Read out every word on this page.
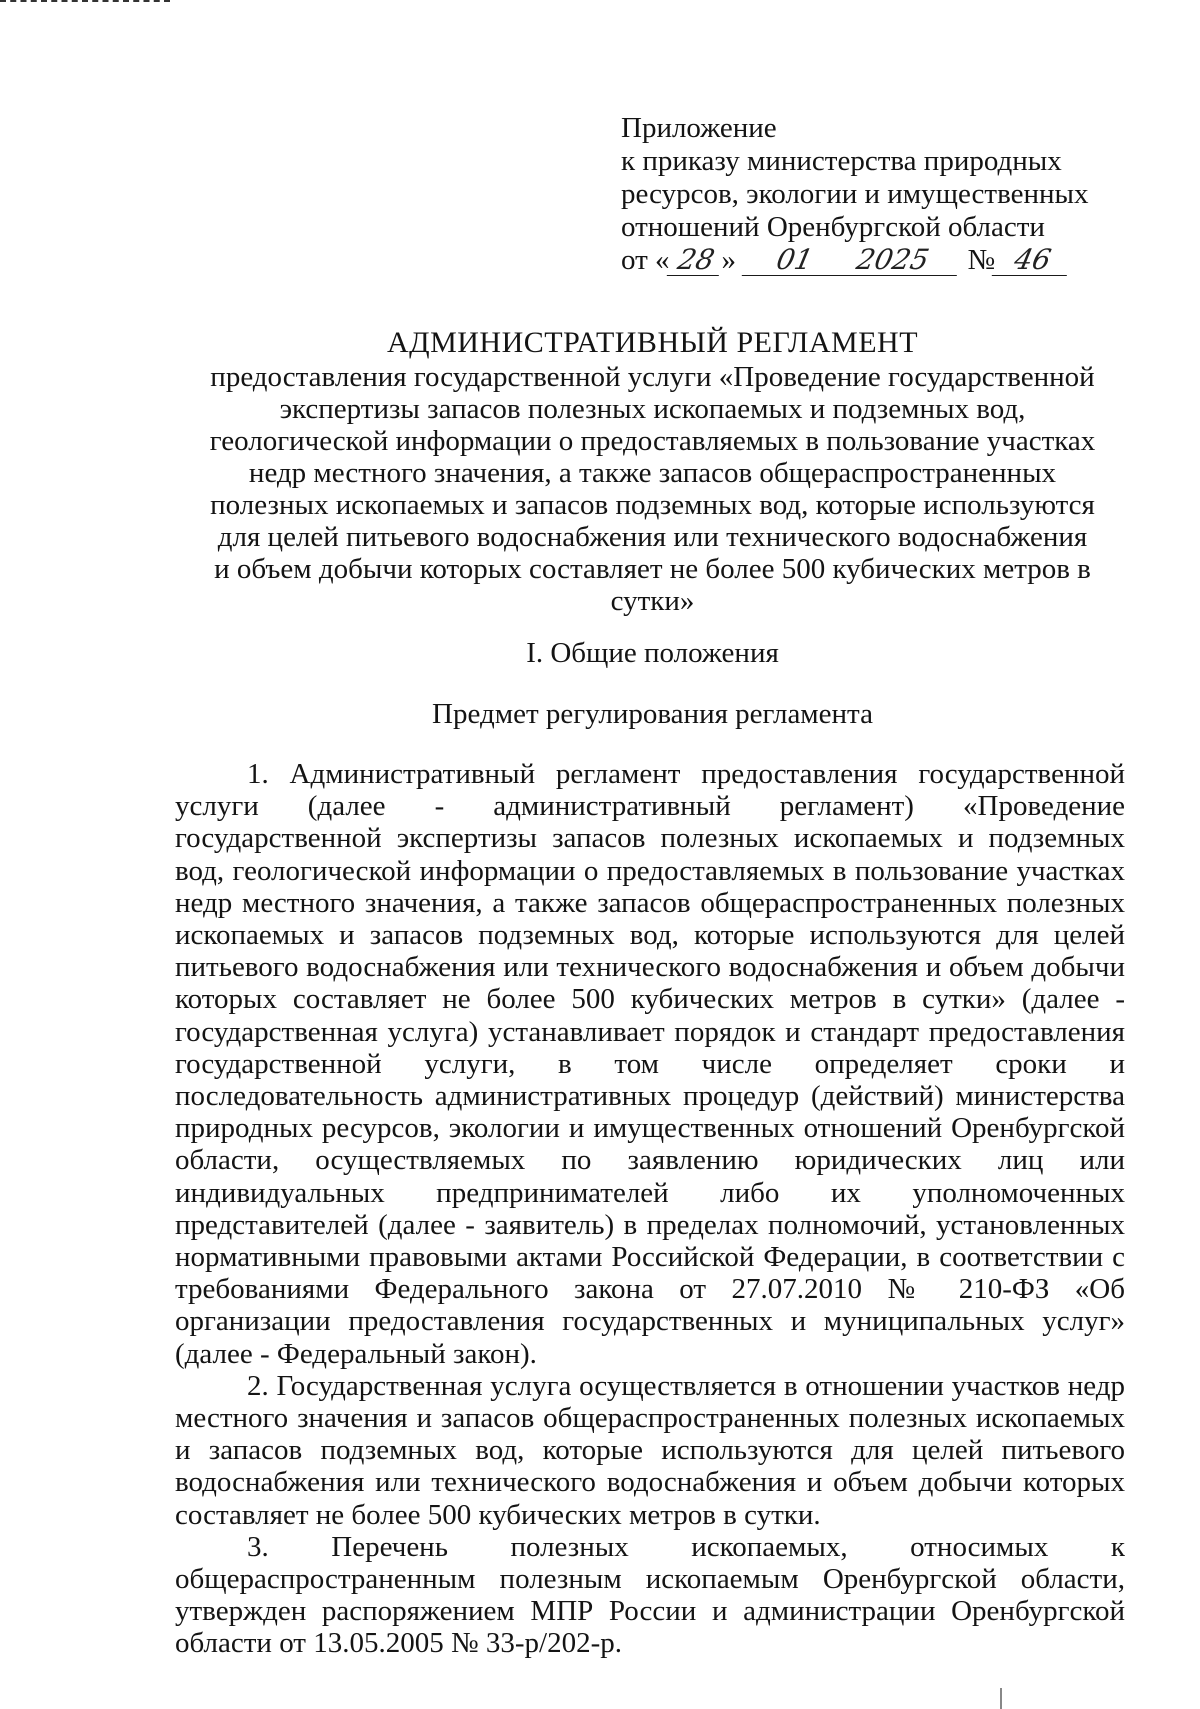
Приложение
к приказу министерства природных
ресурсов, экологии и имущественных
отношений Оренбургской области
от « 28 » 01 2025 № 46
АДМИНИСТРАТИВНЫЙ РЕГЛАМЕНТ
предоставления государственной услуги «Проведение государственной
экспертизы запасов полезных ископаемых и подземных вод,
геологической информации о предоставляемых в пользование участках
недр местного значения, а также запасов общераспространенных
полезных ископаемых и запасов подземных вод, которые используются
для целей питьевого водоснабжения или технического водоснабжения
и объем добычи которых составляет не более 500 кубических метров в
сутки»
I. Общие положения
Предмет регулирования регламента

1. Административный регламент предоставления государственной услуги (далее - административный регламент) «Проведение государственной экспертизы запасов полезных ископаемых и подземных вод, геологической информации о предоставляемых в пользование участках недр местного значения, а также запасов общераспространенных полезных ископаемых и запасов подземных вод, которые используются для целей питьевого водоснабжения или технического водоснабжения и объем добычи которых составляет не более 500 кубических метров в сутки» (далее - государственная услуга) устанавливает порядок и стандарт предоставления государственной услуги, в том числе определяет сроки и последовательность административных процедур (действий) министерства природных ресурсов, экологии и имущественных отношений Оренбургской области, осуществляемых по заявлению юридических лиц или индивидуальных предпринимателей либо их уполномоченных представителей (далее - заявитель) в пределах полномочий, установленных нормативными правовыми актами Российской Федерации, в соответствии с требованиями Федерального закона от 27.07.2010 № 210-ФЗ «Об организации предоставления государственных и муниципальных услуг» (далее - Федеральный закон).

2. Государственная услуга осуществляется в отношении участков недр местного значения и запасов общераспространенных полезных ископаемых и запасов подземных вод, которые используются для целей питьевого водоснабжения или технического водоснабжения и объем добычи которых составляет не более 500 кубических метров в сутки.

3. Перечень полезных ископаемых, относимых к общераспространенным полезным ископаемым Оренбургской области, утвержден распоряжением МПР России и администрации Оренбургской области от 13.05.2005 № 33-р/202-р.
